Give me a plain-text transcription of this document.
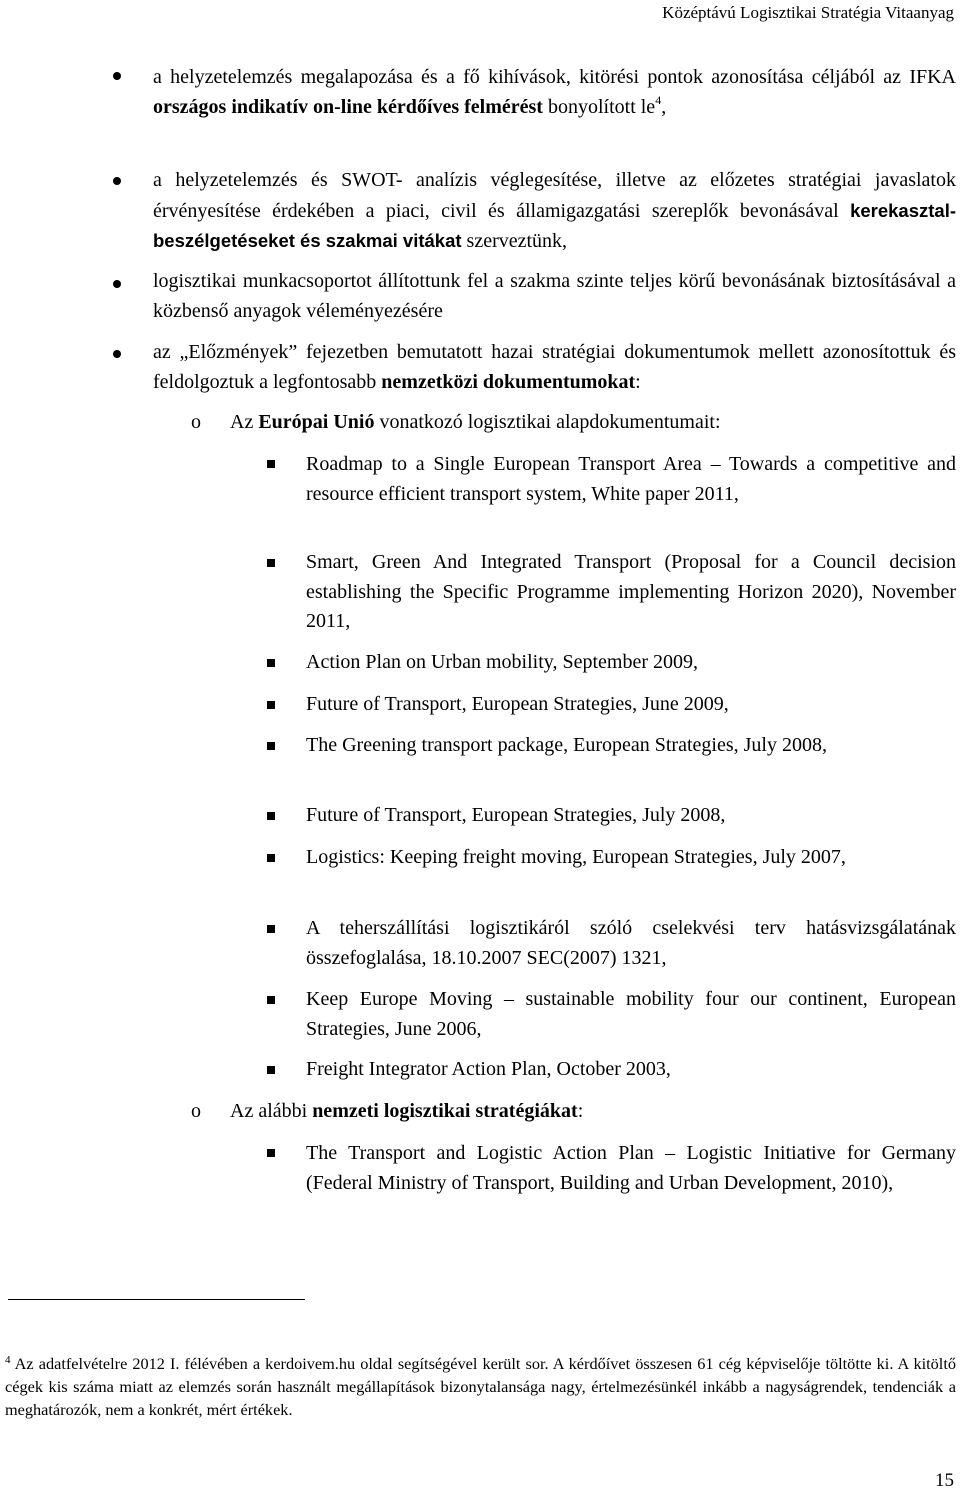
Középtávú Logisztikai Stratégia Vitaanyag
a helyzetelemzés megalapozása és a fő kihívások, kitörési pontok azonosítása céljából az IFKA országos indikatív on-line kérdőíves felmérést bonyolított le$^4$,
a helyzetelemzés és SWOT- analízis véglegesítése, illetve az előzetes stratégiai javaslatok érvényesítése érdekében a piaci, civil és államigazgatási szereplők bevonásával kerekasztal-beszélgetéseket és szakmai vitákat szerveztünk,
logisztikai munkacsoportot állítottunk fel a szakma szinte teljes körű bevonásának biztosításával a közbenső anyagok véleményezésére
az „Előzmények” fejezetben bemutatott hazai stratégiai dokumentumok mellett azonosítottuk és feldolgoztuk a legfontosabb nemzetközi dokumentumokat:
o Az Európai Unió vonatkozó logisztikai alapdokumentumait:
Roadmap to a Single European Transport Area – Towards a competitive and resource efficient transport system, White paper 2011,
Smart, Green And Integrated Transport (Proposal for a Council decision establishing the Specific Programme implementing Horizon 2020), November 2011,
Action Plan on Urban mobility, September 2009,
Future of Transport, European Strategies, June 2009,
The Greening transport package, European Strategies, July 2008,
Future of Transport, European Strategies, July 2008,
Logistics: Keeping freight moving, European Strategies, July 2007,
A teherszállítási logisztikáról szóló cselekvési terv hatásvizsgálatának összefoglalása, 18.10.2007 SEC(2007) 1321,
Keep Europe Moving – sustainable mobility four our continent, European Strategies, June 2006,
Freight Integrator Action Plan, October 2003,
o Az alábbi nemzeti logisztikai stratégiákat:
The Transport and Logistic Action Plan – Logistic Initiative for Germany (Federal Ministry of Transport, Building and Urban Development, 2010),
$^4$ Az adatfelvételre 2012 I. félévében a kerdoivem.hu oldal segítségével került sor. A kérdőívet összesen 61 cég képviselője töltötte ki. A kitöltő cégek kis száma miatt az elemzés során használt megállapítások bizonytalansága nagy, értelmezésünkél inkább a nagyságrendek, tendenciák a meghatározók, nem a konkrét, mért értékek.
15
